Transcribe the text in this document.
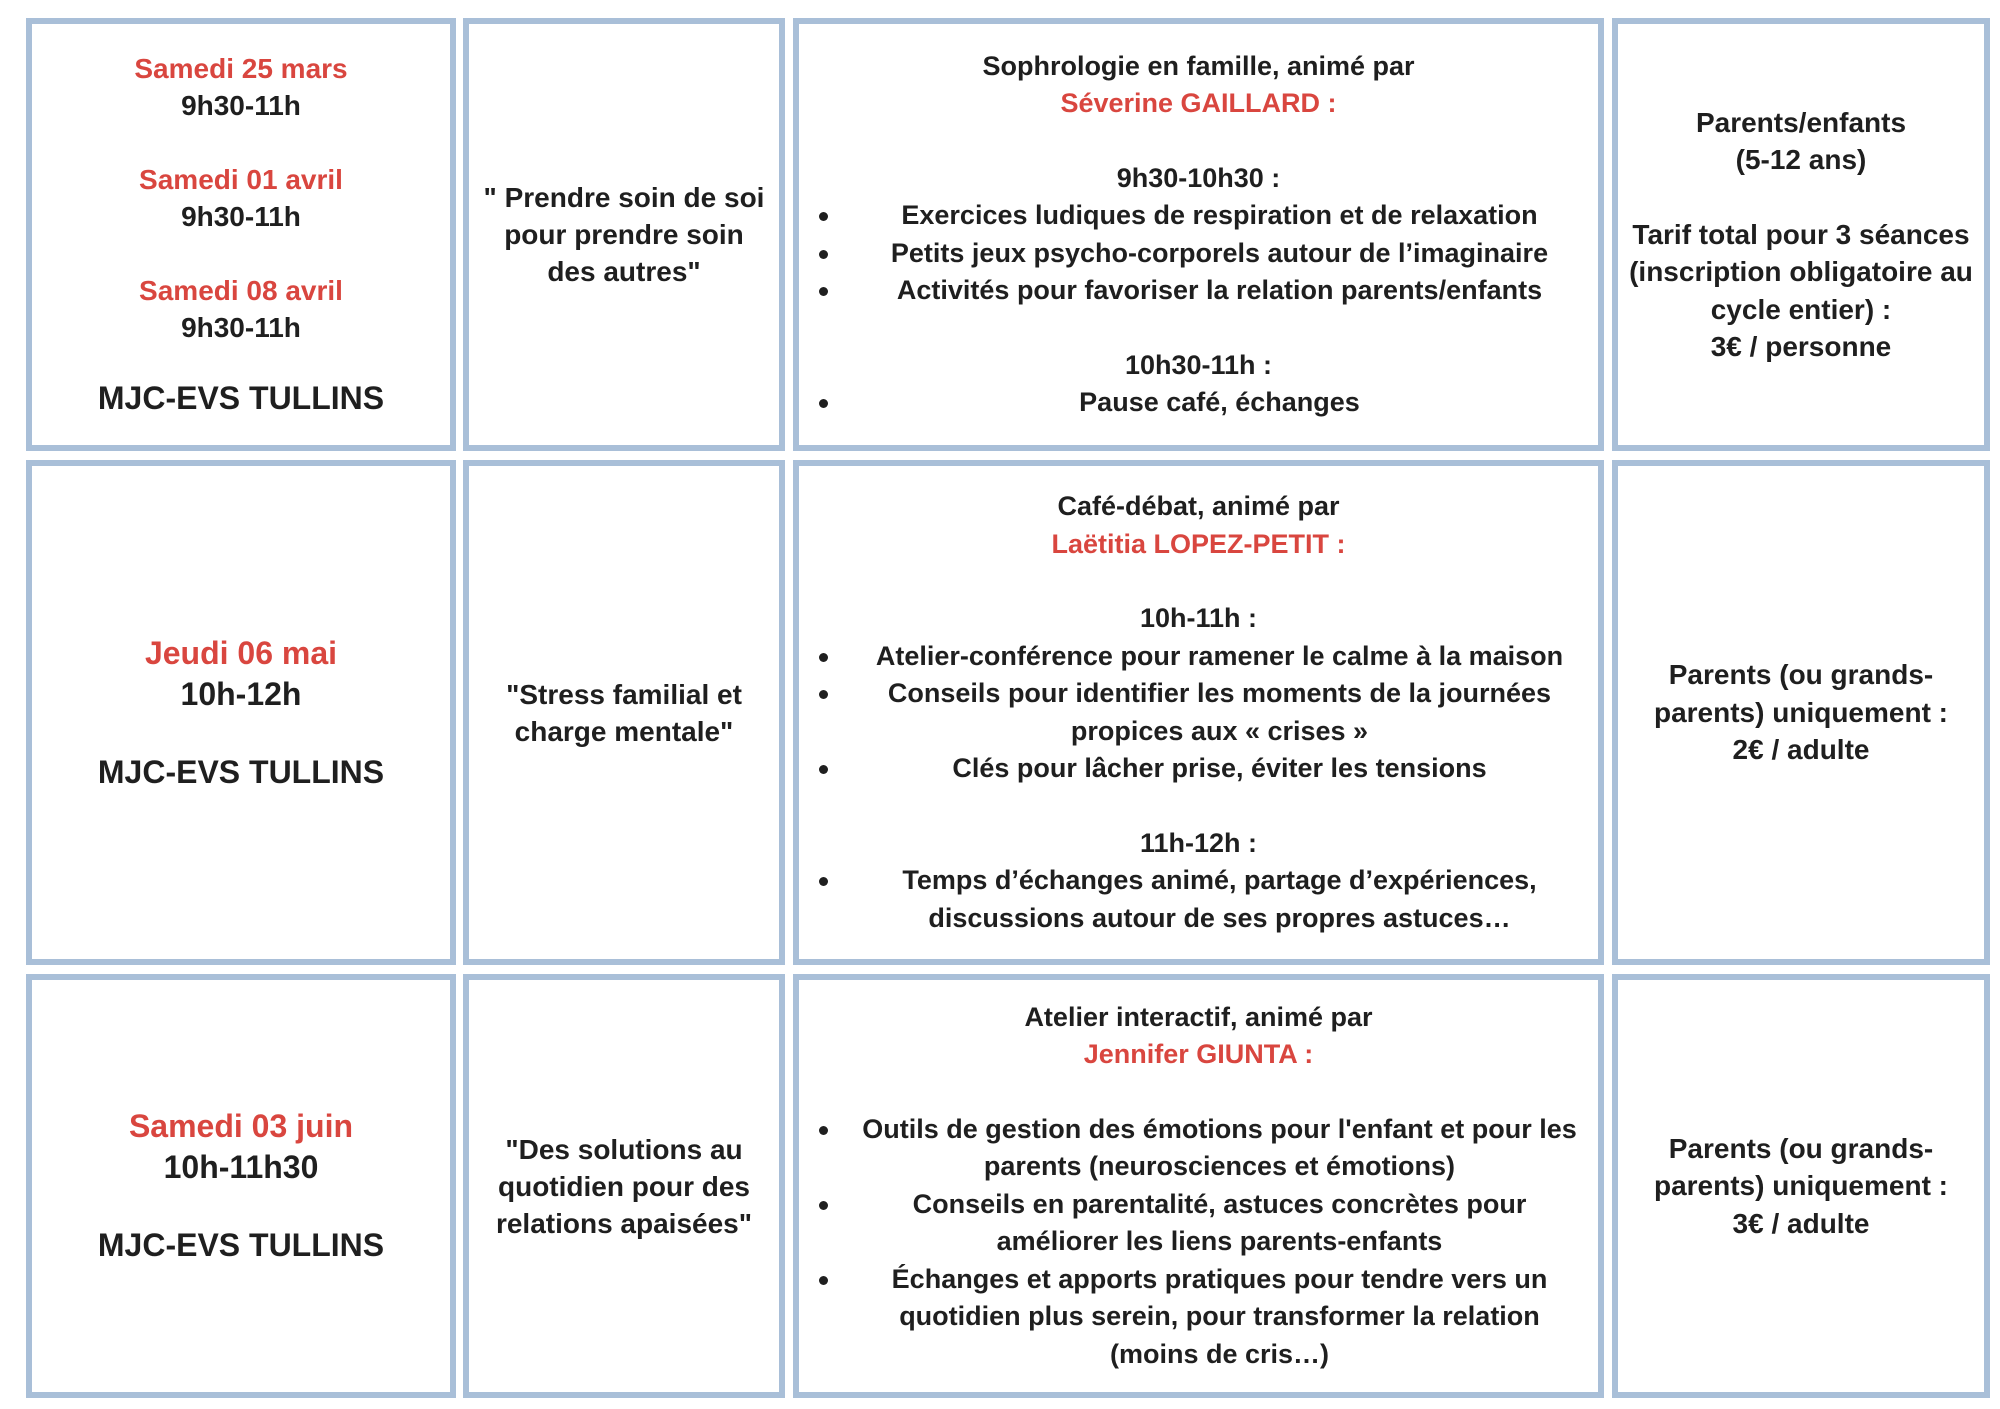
Samedi 25 mars
9h30-11h
Samedi 01 avril
9h30-11h
Samedi 08 avril
9h30-11h
MJC-EVS TULLINS
" Prendre soin de soi pour prendre soin des autres"
Sophrologie en famille, animé par
Séverine GAILLARD :
9h30-10h30 :
Exercices ludiques de respiration et de relaxation
Petits jeux psycho-corporels autour de l’imaginaire
Activités pour favoriser la relation parents/enfants
10h30-11h :
Pause café, échanges
Parents/enfants
(5-12 ans)
Tarif total pour 3 séances (inscription obligatoire au cycle entier) :
3€ / personne
Jeudi 06 mai
10h-12h
MJC-EVS TULLINS
"Stress familial et charge mentale"
Café-débat, animé par
Laëtitia LOPEZ-PETIT :
10h-11h :
Atelier-conférence pour ramener le calme à la maison
Conseils pour identifier les moments de la journées propices aux « crises »
Clés pour lâcher prise, éviter les tensions
11h-12h :
Temps d’échanges animé, partage d’expériences, discussions autour de ses propres astuces…
Parents (ou grands-parents) uniquement :
2€ / adulte
Samedi 03 juin
10h-11h30
MJC-EVS TULLINS
"Des solutions au quotidien pour des relations apaisées"
Atelier interactif, animé par
Jennifer GIUNTA :
Outils de gestion des émotions pour l'enfant et pour les parents (neurosciences et émotions)
Conseils en parentalité, astuces concrètes pour améliorer les liens parents-enfants
Échanges et apports pratiques pour tendre vers un quotidien plus serein, pour transformer la relation (moins de cris…)
Parents (ou grands-parents) uniquement :
3€ / adulte
